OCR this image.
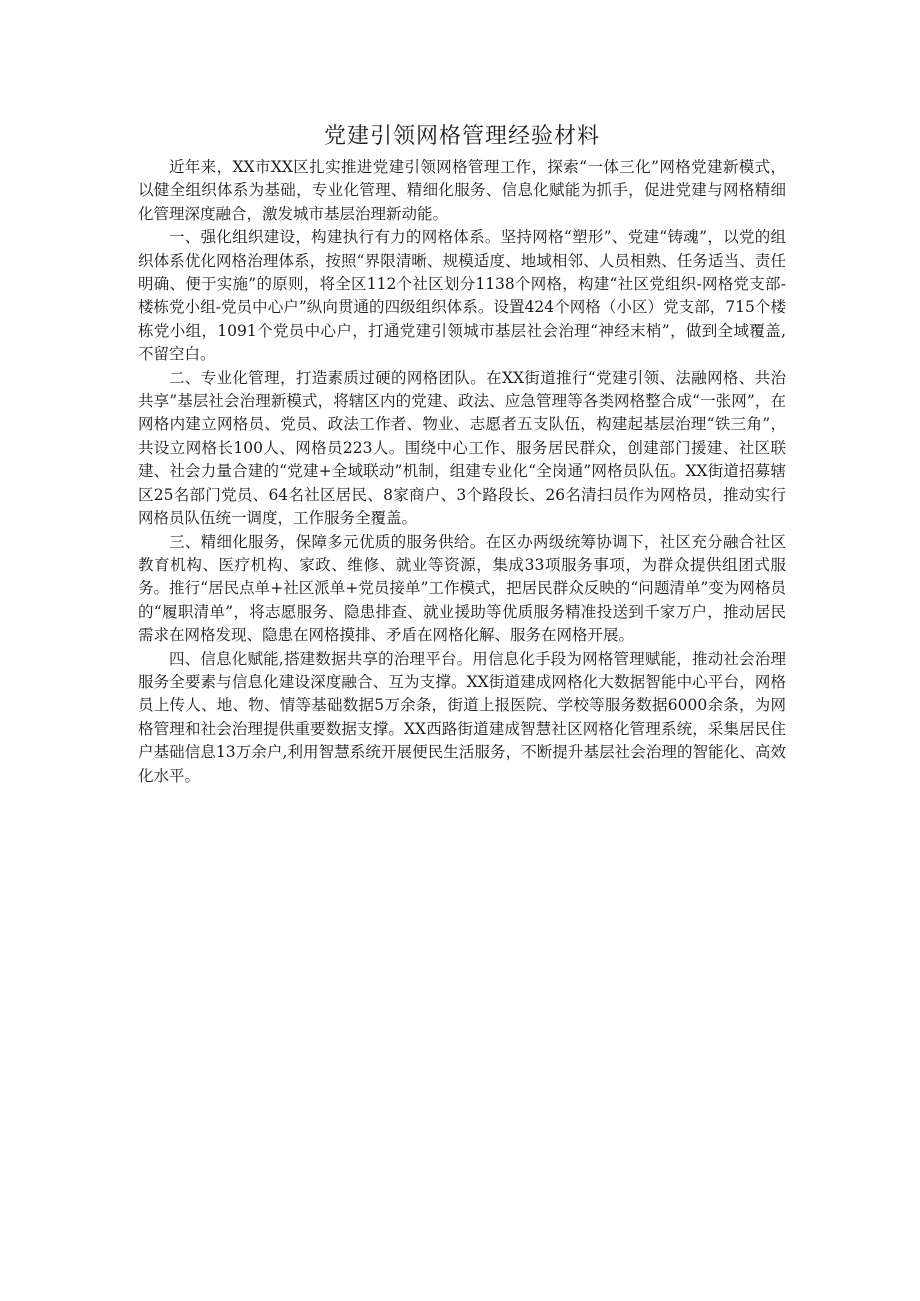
党建引领网格管理经验材料

近年来，XX市XX区扎实推进党建引领网格管理工作，探索“一体三化”网格党建新模式，以健全组织体系为基础，专业化管理、精细化服务、信息化赋能为抓手，促进党建与网格精细化管理深度融合，激发城市基层治理新动能。

一、强化组织建设，构建执行有力的网格体系。坚持网格“塑形”、党建“铸魂”，以党的组织体系优化网格治理体系，按照“界限清晰、规模适度、地域相邻、人员相熟、任务适当、责任明确、便于实施”的原则，将全区112个社区划分1138个网格，构建“社区党组织-网格党支部-楼栋党小组-党员中心户”纵向贯通的四级组织体系。设置424个网格（小区）党支部，715个楼栋党小组，1091个党员中心户，打通党建引领城市基层社会治理“神经末梢”，做到全域覆盖,不留空白。

二、专业化管理，打造素质过硬的网格团队。在XX街道推行“党建引领、法融网格、共治共享”基层社会治理新模式，将辖区内的党建、政法、应急管理等各类网格整合成“一张网”，在网格内建立网格员、党员、政法工作者、物业、志愿者五支队伍，构建起基层治理“铁三角”，共设立网格长100人、网格员223人。围绕中心工作、服务居民群众，创建部门援建、社区联建、社会力量合建的“党建+全域联动”机制，组建专业化“全岗通”网格员队伍。XX街道招募辖区25名部门党员、64名社区居民、8家商户、3个路段长、26名清扫员作为网格员，推动实行网格员队伍统一调度，工作服务全覆盖。

三、精细化服务，保障多元优质的服务供给。在区办两级统筹协调下，社区充分融合社区教育机构、医疗机构、家政、维修、就业等资源，集成33项服务事项，为群众提供组团式服务。推行“居民点单+社区派单+党员接单”工作模式，把居民群众反映的“问题清单”变为网格员的“履职清单”，将志愿服务、隐患排查、就业援助等优质服务精准投送到千家万户，推动居民需求在网格发现、隐患在网格摸排、矛盾在网格化解、服务在网格开展。

四、信息化赋能,搭建数据共享的治理平台。用信息化手段为网格管理赋能，推动社会治理服务全要素与信息化建设深度融合、互为支撑。XX街道建成网格化大数据智能中心平台，网格员上传人、地、物、情等基础数据5万余条，街道上报医院、学校等服务数据6000余条，为网格管理和社会治理提供重要数据支撑。XX西路街道建成智慧社区网格化管理系统，采集居民住户基础信息13万余户,利用智慧系统开展便民生活服务，不断提升基层社会治理的智能化、高效化水平。
